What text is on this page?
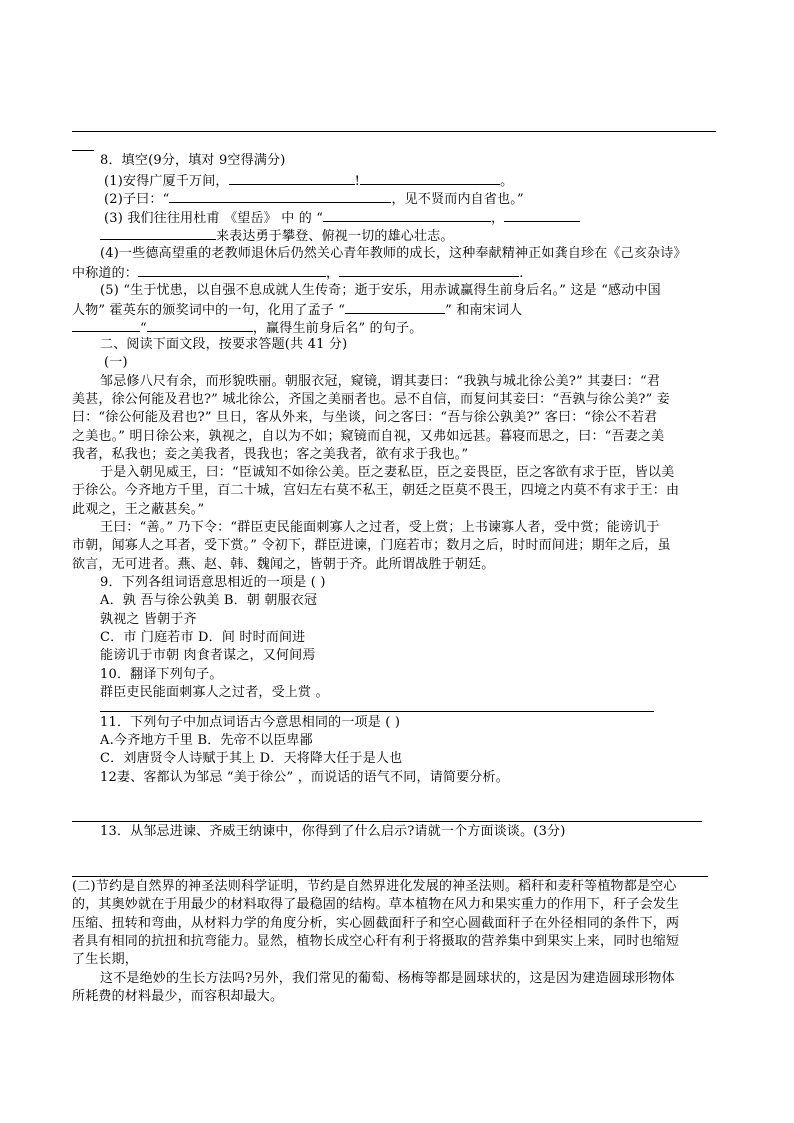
8．填空(9分，填对 9空得满分)
(1)安得广厦千万间，	!	。
(2)子曰：“	，见不贤而内自省也。”
(3) 我们往往用杜甫 《望岳》 中 的 “	，
来表达勇于攀登、俯视一切的雄心壮志。
(4)一些德高望重的老教师退休后仍然关心青年教师的成长，这种奉献精神正如龚自珍在《己亥杂诗》
中称道的：	，	.
(5) “生于忧患，以自强不息成就人生传奇；逝于安乐，用赤诚赢得生前身后名。” 这是 “感动中国
人物” 霍英东的颁奖词中的一句，化用了孟子 “	” 和南宋词人
“	，赢得生前身后名” 的句子。
二、阅读下面文段，按要求答题(共 41 分)
(一)
邹忌修八尺有余，而形貌昳丽。朝服衣冠，窥镜，谓其妻曰：“我孰与城北徐公美?” 其妻曰：“君
美甚，徐公何能及君也?” 城北徐公，齐国之美丽者也。忌不自信，而复问其妾曰：“吾孰与徐公美?” 妾
曰：“徐公何能及君也?” 旦日，客从外来，与坐谈，问之客曰：“吾与徐公孰美?” 客曰：“徐公不若君
之美也。” 明日徐公来，孰视之，自以为不如；窥镜而自视，又弗如远甚。暮寝而思之，曰：“吾妻之美
我者，私我也；妾之美我者，畏我也；客之美我者，欲有求于我也。”
于是入朝见威王，曰：“臣诚知不如徐公美。臣之妻私臣，臣之妾畏臣，臣之客欲有求于臣，皆以美
于徐公。今齐地方千里，百二十城，宫妇左右莫不私王，朝廷之臣莫不畏王，四境之内莫不有求于王：由
此观之，王之蔽甚矣。”
王曰：“善。” 乃下令：“群臣吏民能面刺寡人之过者，受上赏；上书谏寡人者，受中赏；能谤讥于
市朝，闻寡人之耳者，受下赏。” 令初下，群臣进谏，门庭若市；数月之后，时时而间进；期年之后，虽
欲言，无可进者。燕、赵、韩、魏闻之，皆朝于齐。此所谓战胜于朝廷。
9．下列各组词语意思相近的一项是 ( )
A．孰 吾与徐公孰美 B．朝 朝服衣冠
孰视之 皆朝于齐
C．市 门庭若市 D．间 时时而间进
能谤讥于市朝 肉食者谋之，又何间焉
10．翻译下列句子。
群臣吏民能面刺寡人之过者，受上赏 。
11．下列句子中加点词语古今意思相同的一项是 ( )
A.今齐地方千里 B．先帝不以臣卑鄙
C．刘唐贤令人诗赋于其上 D．天将降大任于是人也
12妻、客都认为邹忌 “美于徐公” ，而说话的语气不同，请简要分析。
13．从邹忌进谏、齐威王纳谏中，你得到了什么启示?请就一个方面谈谈。(3分)
(二)节约是自然界的神圣法则科学证明，节约是自然界进化发展的神圣法则。稻秆和麦秆等植物都是空心
的，其奥妙就在于用最少的材料取得了最稳固的结构。草本植物在风力和果实重力的作用下，秆子会发生
压缩、扭转和弯曲，从材料力学的角度分析，实心圆截面秆子和空心圆截面秆子在外径相同的条件下，两
者具有相同的抗扭和抗弯能力。显然，植物长成空心秆有利于将摄取的营养集中到果实上来，同时也缩短
了生长期，
这不是绝妙的生长方法吗?另外，我们常见的葡萄、杨梅等都是圆球状的，这是因为建造圆球形物体
所耗费的材料最少，而容积却最大。
